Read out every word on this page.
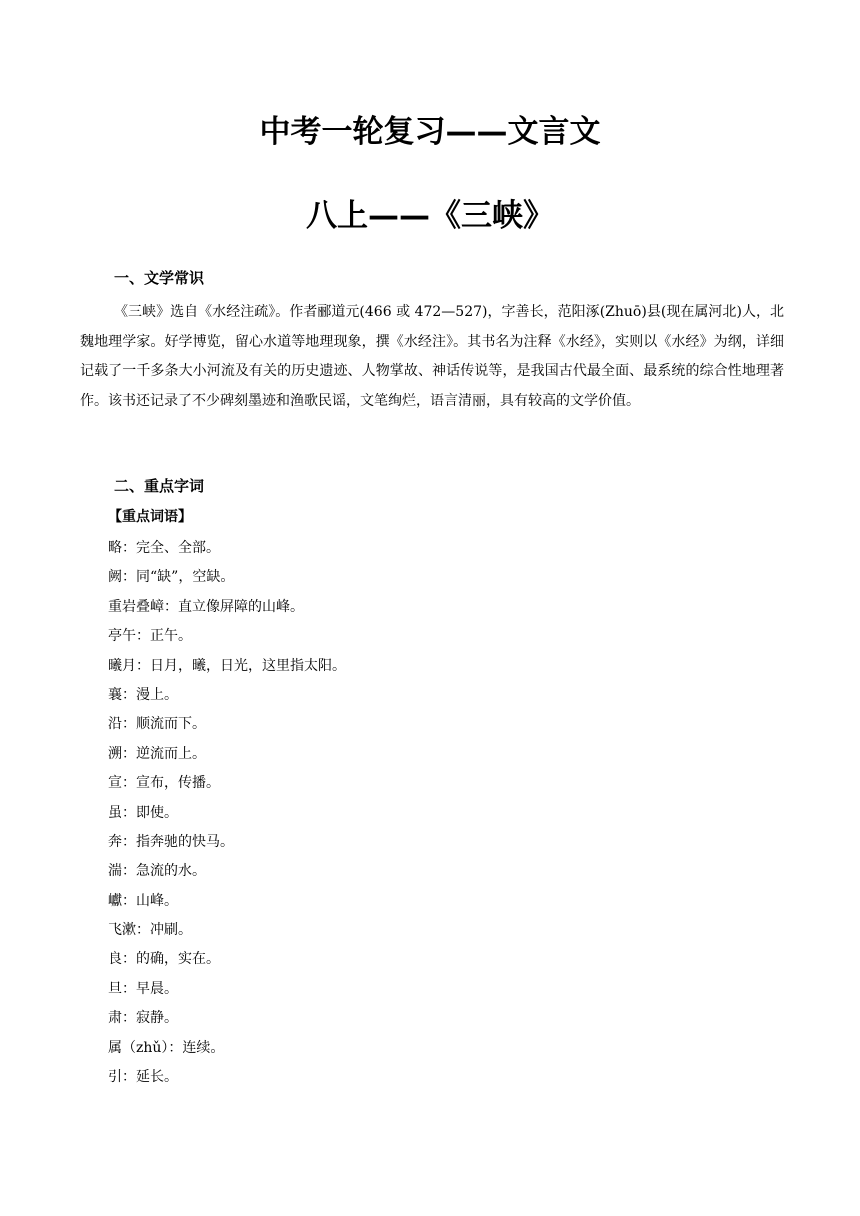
中考一轮复习——文言文
八上——《三峡》
一、文学常识

《三峡》选自《水经注疏》。作者郦道元(466 或 472—527)，字善长，范阳涿(Zhuō)县(现在属河北)人，北魏地理学家。好学博览，留心水道等地理现象，撰《水经注》。其书名为注释《水经》，实则以《水经》为纲，详细记载了一千多条大小河流及有关的历史遗迹、人物掌故、神话传说等，是我国古代最全面、最系统的综合性地理著作。该书还记录了不少碑刻墨迹和渔歌民谣，文笔绚烂，语言清丽，具有较高的文学价值。

二、重点字词
【重点词语】
略：完全、全部。
阙：同“缺”，空缺。
重岩叠嶂：直立像屏障的山峰。
亭午：正午。
曦月：日月，曦，日光，这里指太阳。
襄：漫上。
沿：顺流而下。
溯：逆流而上。
宣：宣布，传播。
虽：即使。
奔：指奔驰的快马。
湍：急流的水。
巘：山峰。
飞漱：冲刷。
良：的确，实在。
旦：早晨。
肃：寂静。
属（zhǔ）：连续。
引：延长。
